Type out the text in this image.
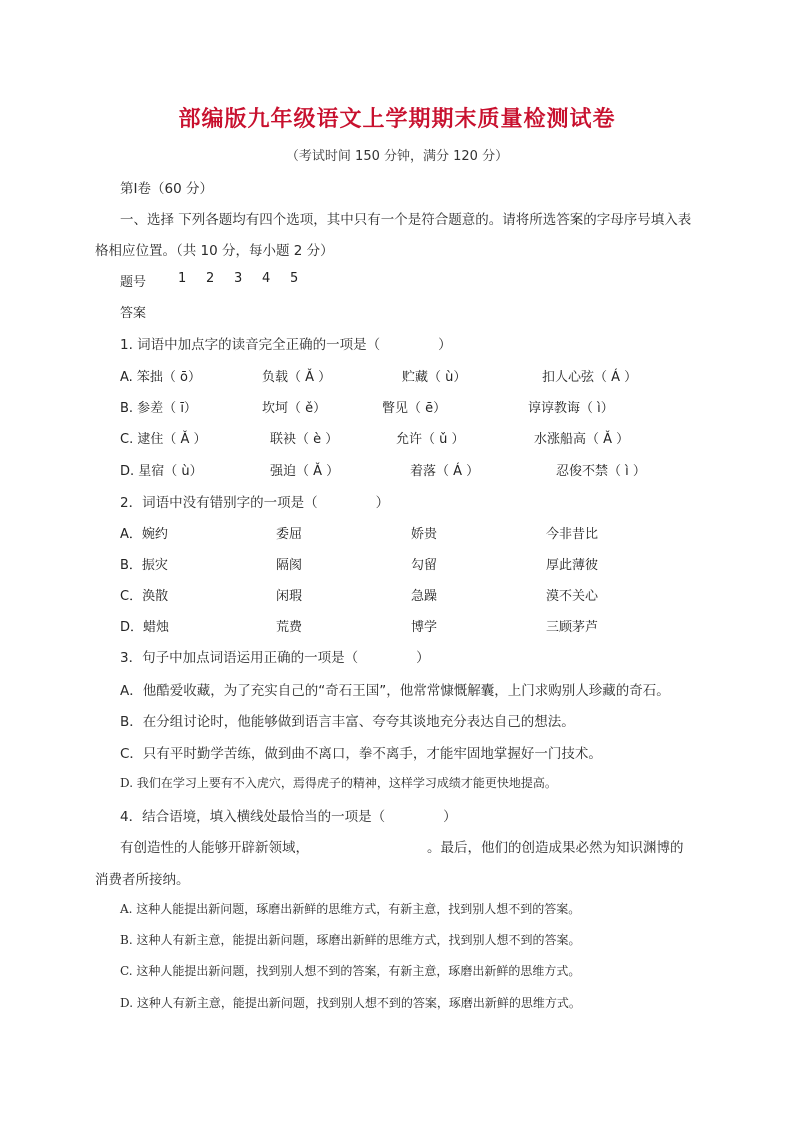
部编版九年级语文上学期期末质量检测试卷
（考试时间 150 分钟，满分 120 分）
第Ⅰ卷（60 分）
一、选择 下列各题均有四个选项，其中只有一个是符合题意的。请将所选答案的字母序号填入表
格相应位置。（共 10 分，每小题 2 分）
题号 1 2 3 4 5
答案
1. 词语中加点字的读音完全正确的一项是（	）
A. 笨拙（ ō）	负载（ Ǎ ）	贮藏（ ù）	扣人心弦（ Á ）
B. 参差（ ī）	坎坷（ ě）	瞥见（ ē）	谆谆教诲（ ì）
C. 逮住（ Ǎ ）	联袂（ è ）	允许（ ǔ ）	水涨船高（ Ǎ ）
D. 星宿（ ù）	强迫（ Ǎ ）	着落（ Á ）	忍俊不禁（ ì ）
2．词语中没有错别字的一项是（	）
A．婉约	委屈	娇贵	今非昔比
B．振灾	隔阂	勾留	厚此薄彼
C．涣散	闲瑕	急躁	漠不关心
D．蜡烛	荒费	博学	三顾茅芦
3．句子中加点词语运用正确的一项是（	）
A．他酷爱收藏，为了充实自己的“奇石王国”，他常常慷慨解囊，上门求购别人珍藏的奇石。
B．在分组讨论时，他能够做到语言丰富、夸夸其谈地充分表达自己的想法。
C．只有平时勤学苦练，做到曲不离口，拳不离手，才能牢固地掌握好一门技术。
D. 我们在学习上要有不入虎穴，焉得虎子的精神，这样学习成绩才能更快地提高。
4．结合语境，填入横线处最恰当的一项是（	）
有创造性的人能够开辟新领域，	。最后，他们的创造成果必然为知识渊博的
消费者所接纳。
A. 这种人能提出新问题，琢磨出新鲜的思维方式，有新主意，找到别人想不到的答案。
B. 这种人有新主意，能提出新问题，琢磨出新鲜的思维方式，找到别人想不到的答案。
C. 这种人能提出新问题，找到别人想不到的答案，有新主意，琢磨出新鲜的思维方式。
D. 这种人有新主意，能提出新问题，找到别人想不到的答案，琢磨出新鲜的思维方式。
